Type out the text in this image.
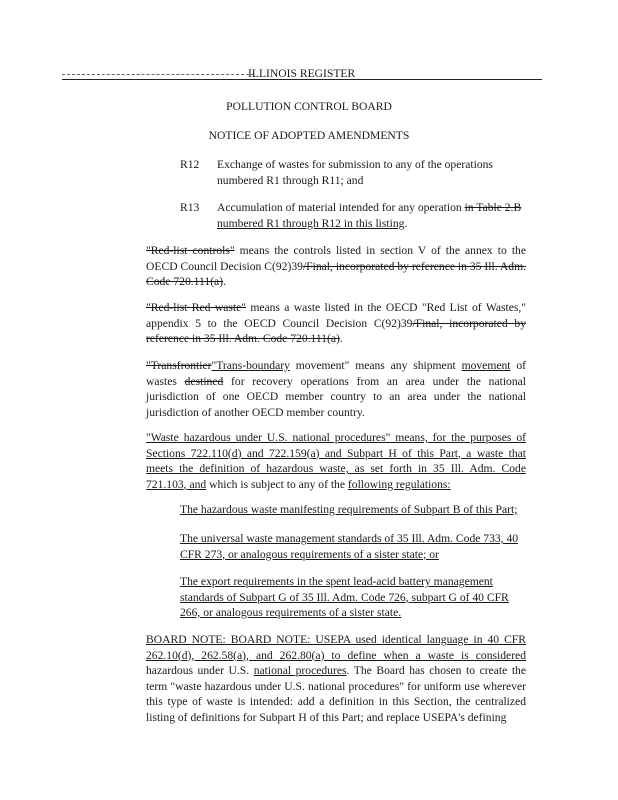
ILLINOIS REGISTER

POLLUTION CONTROL BOARD

NOTICE OF ADOPTED AMENDMENTS

R12	Exchange of wastes for submission to any of the operations numbered R1 through R11; and

R13	Accumulation of material intended for any operation in Table 2.B numbered R1 through R12 in this listing.

"Red-list controls" means the controls listed in section V of the annex to the OECD Council Decision C(92)39/Final, incorporated by reference in 35 Ill. Adm. Code 720.111(a).

"Red-list Red waste" means a waste listed in the OECD "Red List of Wastes," appendix 5 to the OECD Council Decision C(92)39/Final, incorporated by reference in 35 Ill. Adm. Code 720.111(a).

"Transfrontier"Trans-boundary movement" means any shipment movement of wastes destined for recovery operations from an area under the national jurisdiction of one OECD member country to an area under the national jurisdiction of another OECD member country.

"Waste hazardous under U.S. national procedures" means, for the purposes of Sections 722.110(d) and 722.159(a) and Subpart H of this Part, a waste that meets the definition of hazardous waste, as set forth in 35 Ill. Adm. Code 721.103, and which is subject to any of the following regulations:

The hazardous waste manifesting requirements of Subpart B of this Part;

The universal waste management standards of 35 Ill. Adm. Code 733, 40 CFR 273, or analogous requirements of a sister state; or

The export requirements in the spent lead-acid battery management standards of Subpart G of 35 Ill. Adm. Code 726, subpart G of 40 CFR 266, or analogous requirements of a sister state.

BOARD NOTE: BOARD NOTE: USEPA used identical language in 40 CFR 262.10(d), 262.58(a), and 262.80(a) to define when a waste is considered hazardous under U.S. national procedures. The Board has chosen to create the term "waste hazardous under U.S. national procedures" for uniform use wherever this type of waste is intended: add a definition in this Section, the centralized listing of definitions for Subpart H of this Part; and replace USEPA's defining
